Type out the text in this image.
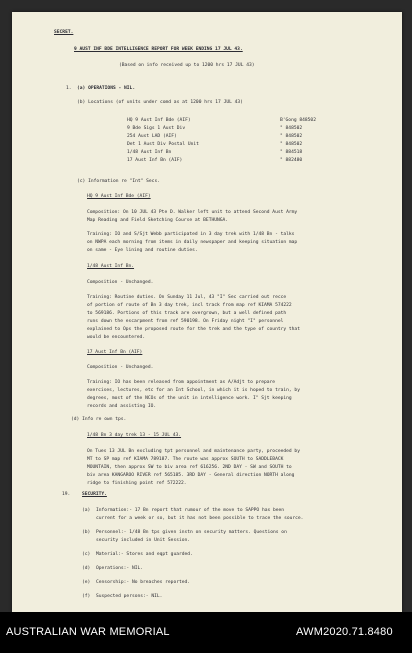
SECRET.
9 AUST INF BDE INTELLIGENCE REPORT FOR WEEK ENDING 17 JUL 43.
(Based on info received up to 1200 hrs 17 JUL 43)
1. (a) OPERATIONS - NIL.
(b) Locations (of units under comd as at 1200 hrs 17 JUL 43)
HQ 9 Aust Inf Bde (AIF)	B'Gong 848502
9 Bde Sigs 1 Aust Div	" 848502
254 Aust LAD (AIF)	" 848502
Det 1 Aust Div Postal Unit	" 848502
1/48 Aust Inf Bn	" 884518
17 Aust Inf Bn (AIF)	" 882480
(c) Information re "Int" Secs.
HQ 9 Aust Inf Bde (AIF)
Composition: On 10 JUL 43 Pte D. Walker left unit to attend Second Aust Army
Map Reading and Field Sketching Course at BETHUNGA.
Training: IO and S/Sjt Webb participated in 3 day trek with 1/48 Bn - talks
on NWPA each morning from items in daily newspaper and keeping situation map
on same - Eye lining and routine duties.
1/48 Aust Inf Bn.
Composition - Unchanged.
Training: Routine duties. On Sunday 11 Jul, 43 "I" Sec carried out recce
of portion of route of Bn 3 day trek, incl track from map ref KIAMA 574222
to 569186. Portions of this track are overgrown, but a well defined path
runs down the escarpment from ref 590198. On Friday night "I" personnel
explained to Ops the proposed route for the trek and the type of country that
would be encountered.
17 Aust Inf Bn (AIF)
Composition - Unchanged.
Training: IO has been released from appointment as A/Adjt to prepare
exercises, lectures, etc for an Int School, in which it is hoped to train, by
degrees, most of the NCOs of the unit in intelligence work. I" Sjt keeping
records and assisting IO.
(d) Info re own tps.
1/48 Bn 3 day trek 13 - 15 JUL 43.
On Tues 13 JUL Bn excluding tpt personnel and maintenance party, proceeded by
MT to SP map ref KIAMA 789187. The route was approx SOUTH to SADDLEBACK
MOUNTAIN, then approx SW to biv area ref 616256. 2ND DAY - SW and SOUTH to
biv area KANGAROO RIVER ref 565185. 3RD DAY - General direction NORTH along
ridge to finishing point ref 572222.
19.	SECURITY.
(a) Information:- 17 Bn report that rumour of the move to SAPPO has been
current for a week or so, but it has not been possible to trace the source.
(b) Personnel:- 1/48 Bn tps given instn on security matters. Questions on
security included in Unit Session.
(c) Material:- Stores and eqpt guarded.
(d) Operations:- NIL.
(e) Censorship:- No breaches reported.
(f) Suspected persons:- NIL.
AUSTRALIAN WAR MEMORIAL	AWM2020.71.8480
